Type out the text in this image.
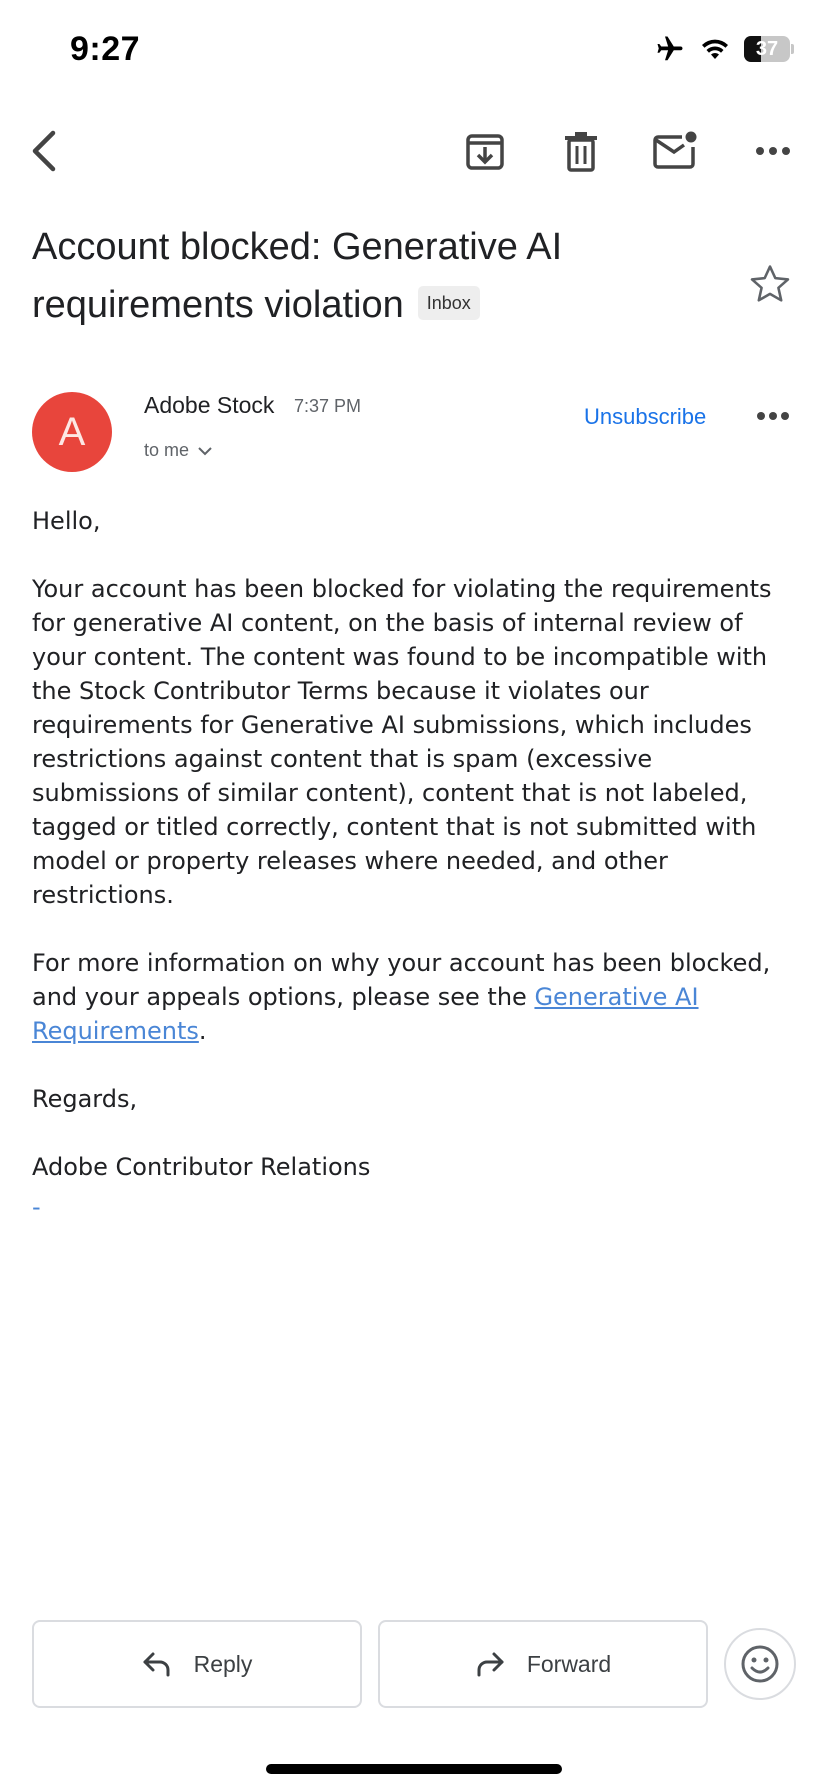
9:27	37
Account blocked: Generative AI requirements violation Inbox
A
Adobe Stock 7:37 PM
to me
Unsubscribe

Hello,

Your account has been blocked for violating the requirements for generative AI content, on the basis of internal review of your content. The content was found to be incompatible with the Stock Contributor Terms because it violates our requirements for Generative AI submissions, which includes restrictions against content that is spam (excessive submissions of similar content), content that is not labeled, tagged or titled correctly, content that is not submitted with model or property releases where needed, and other restrictions.

For more information on why your account has been blocked, and your appeals options, please see the Generative AI Requirements.

Regards,

Adobe Contributor Relations

-
Reply	Forward
